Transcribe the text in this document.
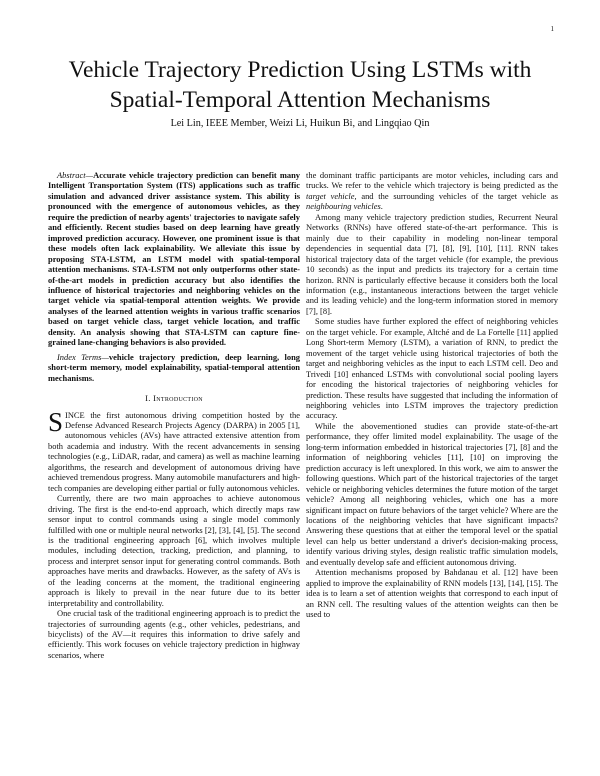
1
Vehicle Trajectory Prediction Using LSTMs with
Spatial-Temporal Attention Mechanisms
Lei Lin, IEEE Member, Weizi Li, Huikun Bi, and Lingqiao Qin

Abstract—Accurate vehicle trajectory prediction can benefit many Intelligent Transportation System (ITS) applications such as traffic simulation and advanced driver assistance system. This ability is pronounced with the emergence of autonomous vehicles, as they require the prediction of nearby agents' trajectories to navigate safely and efficiently. Recent studies based on deep learning have greatly improved prediction accuracy. However, one prominent issue is that these models often lack explainability. We alleviate this issue by proposing STA-LSTM, an LSTM model with spatial-temporal attention mechanisms. STA-LSTM not only outperforms other state-of-the-art models in prediction accuracy but also identifies the influence of historical trajectories and neighboring vehicles on the target vehicle via spatial-temporal attention weights. We provide analyses of the learned attention weights in various traffic scenarios based on target vehicle class, target vehicle location, and traffic density. An analysis showing that STA-LSTM can capture fine-grained lane-changing behaviors is also provided.

Index Terms—vehicle trajectory prediction, deep learning, long short-term memory, model explainability, spatial-temporal attention mechanisms.

I. Introduction

SINCE the first autonomous driving competition hosted by the Defense Advanced Research Projects Agency (DARPA) in 2005 [1], autonomous vehicles (AVs) have attracted extensive attention from both academia and industry. With the recent advancements in sensing technologies (e.g., LiDAR, radar, and camera) as well as machine learning algorithms, the research and development of autonomous driving have achieved tremendous progress. Many automobile manufacturers and high-tech companies are developing either partial or fully autonomous vehicles.

Currently, there are two main approaches to achieve autonomous driving. The first is the end-to-end approach, which directly maps raw sensor input to control commands using a single model commonly fulfilled with one or multiple neural networks [2], [3], [4], [5]. The second is the traditional engineering approach [6], which involves multiple modules, including detection, tracking, prediction, and planning, to process and interpret sensor input for generating control commands. Both approaches have merits and drawbacks. However, as the safety of AVs is of the leading concerns at the moment, the traditional engineering approach is likely to prevail in the near future due to its better interpretability and controllability.

One crucial task of the traditional engineering approach is to predict the trajectories of surrounding agents (e.g., other vehicles, pedestrians, and bicyclists) of the AV—it requires this information to drive safely and efficiently. This work focuses on vehicle trajectory prediction in highway scenarios, where

the dominant traffic participants are motor vehicles, including cars and trucks. We refer to the vehicle which trajectory is being predicted as the target vehicle, and the surrounding vehicles of the target vehicle as neighbouring vehicles.

Among many vehicle trajectory prediction studies, Recurrent Neural Networks (RNNs) have offered state-of-the-art performance. This is mainly due to their capability in modeling non-linear temporal dependencies in sequential data [7], [8], [9], [10], [11]. RNN takes historical trajectory data of the target vehicle (for example, the previous 10 seconds) as the input and predicts its trajectory for a certain time horizon. RNN is particularly effective because it considers both the local information (e.g., instantaneous interactions between the target vehicle and its leading vehicle) and the long-term information stored in memory [7], [8].

Some studies have further explored the effect of neighboring vehicles on the target vehicle. For example, Altché and de La Fortelle [11] applied Long Short-term Memory (LSTM), a variation of RNN, to predict the movement of the target vehicle using historical trajectories of both the target and neighboring vehicles as the input to each LSTM cell. Deo and Trivedi [10] enhanced LSTMs with convolutional social pooling layers for encoding the historical trajectories of neighboring vehicles for prediction. These results have suggested that including the information of neighboring vehicles into LSTM improves the trajectory prediction accuracy.

While the abovementioned studies can provide state-of-the-art performance, they offer limited model explainability. The usage of the long-term information embedded in historical trajectories [7], [8] and the information of neighboring vehicles [11], [10] on improving the prediction accuracy is left unexplored. In this work, we aim to answer the following questions. Which part of the historical trajectories of the target vehicle or neighboring vehicles determines the future motion of the target vehicle? Among all neighboring vehicles, which one has a more significant impact on future behaviors of the target vehicle? Where are the locations of the neighboring vehicles that have significant impacts? Answering these questions that at either the temporal level or the spatial level can help us better understand a driver's decision-making process, identify various driving styles, design realistic traffic simulation models, and eventually develop safe and efficient autonomous driving.

Attention mechanisms proposed by Bahdanau et al. [12] have been applied to improve the explainability of RNN models [13], [14], [15]. The idea is to learn a set of attention weights that correspond to each input of an RNN cell. The resulting values of the attention weights can then be used to
